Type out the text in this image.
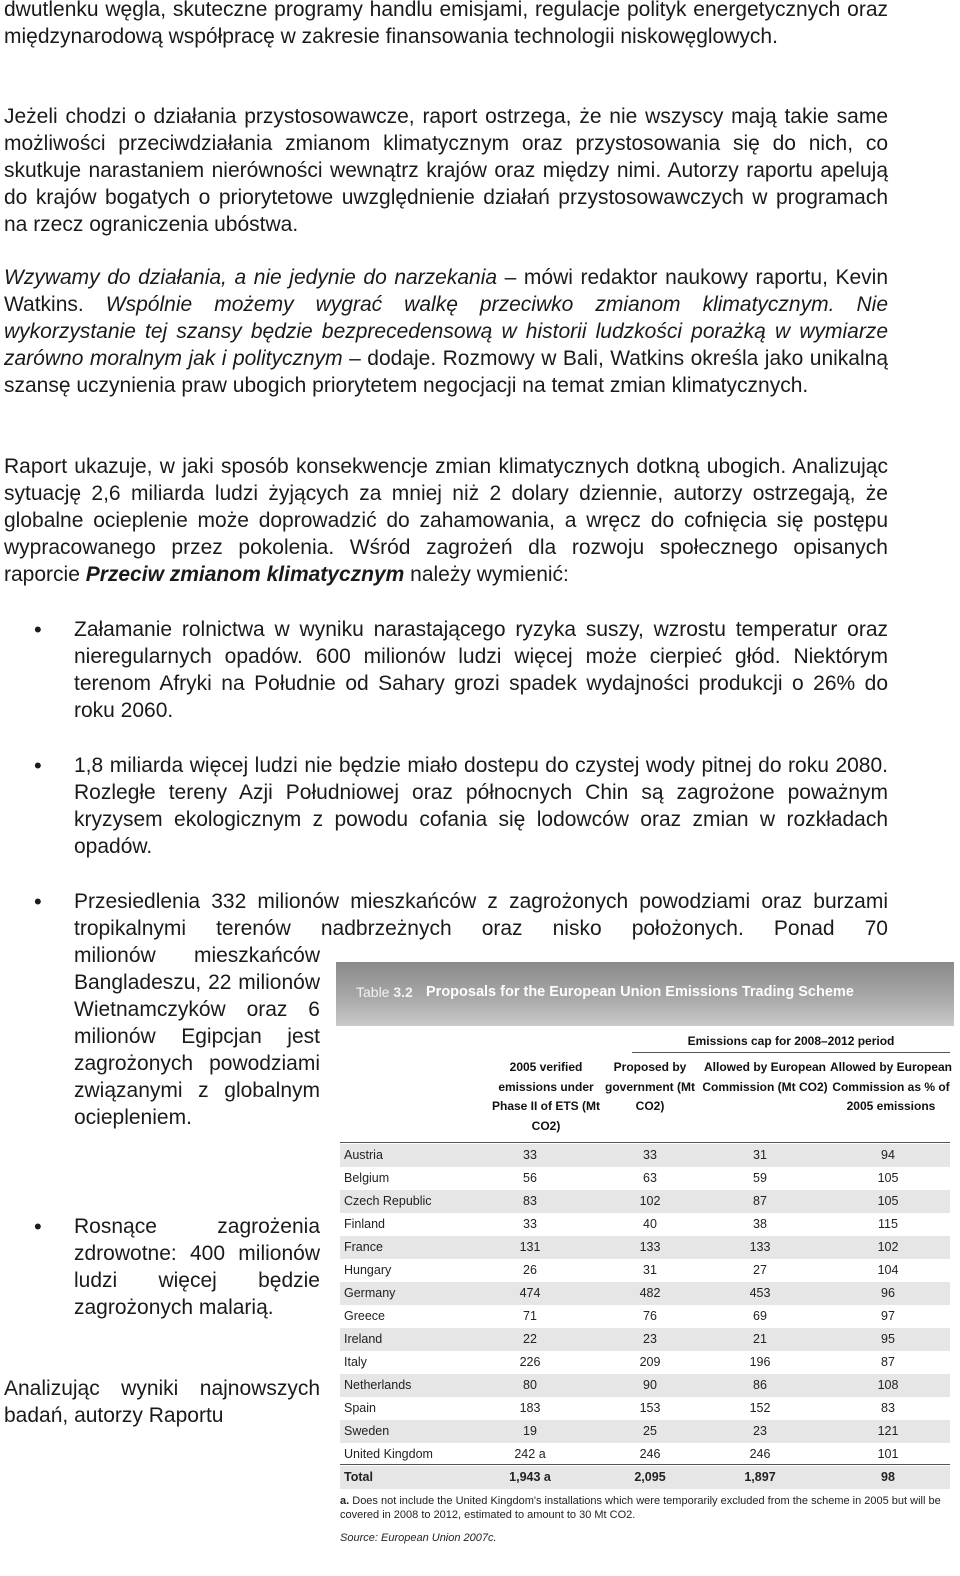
dwutlenku węgla, skuteczne programy handlu emisjami, regulacje polityk energetycznych oraz międzynarodową współpracę w zakresie finansowania technologii niskowęglowych.

Jeżeli chodzi o działania przystosowawcze, raport ostrzega, że nie wszyscy mają takie same możliwości przeciwdziałania zmianom klimatycznym oraz przystosowania się do nich, co skutkuje narastaniem nierówności wewnątrz krajów oraz między nimi. Autorzy raportu apelują do krajów bogatych o priorytetowe uwzględnienie działań przystosowawczych w programach na rzecz ograniczenia ubóstwa.

Wzywamy do działania, a nie jedynie do narzekania – mówi redaktor naukowy raportu, Kevin Watkins. Wspólnie możemy wygrać walkę przeciwko zmianom klimatycznym. Nie wykorzystanie tej szansy będzie bezprecedensową w historii ludzkości porażką w wymiarze zarówno moralnym jak i politycznym – dodaje. Rozmowy w Bali, Watkins określa jako unikalną szansę uczynienia praw ubogich priorytetem negocjacji na temat zmian klimatycznych.

Raport ukazuje, w jaki sposób konsekwencje zmian klimatycznych dotkną ubogich. Analizując sytuację 2,6 miliarda ludzi żyjących za mniej niż 2 dolary dziennie, autorzy ostrzegają, że globalne ocieplenie może doprowadzić do zahamowania, a wręcz do cofnięcia się postępu wypracowanego przez pokolenia. Wśród zagrożeń dla rozwoju społecznego opisanych raporcie Przeciw zmianom klimatycznym należy wymienić:

• Załamanie rolnictwa w wyniku narastającego ryzyka suszy, wzrostu temperatur oraz nieregularnych opadów. 600 milionów ludzi więcej może cierpieć głód. Niektórym terenom Afryki na Południe od Sahary grozi spadek wydajności produkcji o 26% do roku 2060.

• 1,8 miliarda więcej ludzi nie będzie miało dostepu do czystej wody pitnej do roku 2080. Rozległe tereny Azji Południowej oraz północnych Chin są zagrożone poważnym kryzysem ekologicznym z powodu cofania się lodowców oraz zmian w rozkładach opadów.

• Przesiedlenia 332 milionów mieszkańców z zagrożonych powodziami oraz burzami tropikalnymi terenów nadbrzeżnych oraz nisko położonych. Ponad 70

milionów mieszkańców Bangladeszu, 22 milionów Wietnamczyków oraz 6 milionów Egipcjan jest zagrożonych powodziami związanymi z globalnym ociepleniem.

• Rosnące zagrożenia zdrowotne: 400 milionów ludzi więcej będzie zagrożonych malarią.

Analizując wyniki najnowszych badań, autorzy Raportu

Table 3.2 Proposals for the European Union Emissions Trading Scheme
Emissions cap for 2008–2012 period
2005 verified emissions under Phase II of ETS (Mt CO2)
Proposed by government (Mt CO2)
Allowed by European Commission (Mt CO2)
Allowed by European Commission as % of 2005 emissions
Austria	33	33	31	94
Belgium	56	63	59	105
Czech Republic	83	102	87	105
Finland	33	40	38	115
France	131	133	133	102
Hungary	26	31	27	104
Germany	474	482	453	96
Greece	71	76	69	97
Ireland	22	23	21	95
Italy	226	209	196	87
Netherlands	80	90	86	108
Spain	183	153	152	83
Sweden	19	25	23	121
United Kingdom	242 a	246	246	101
Total	1,943 a	2,095	1,897	98
a. Does not include the United Kingdom's installations which were temporarily excluded from the scheme in 2005 but will be covered in 2008 to 2012, estimated to amount to 30 Mt CO2.
Source: European Union 2007c.
